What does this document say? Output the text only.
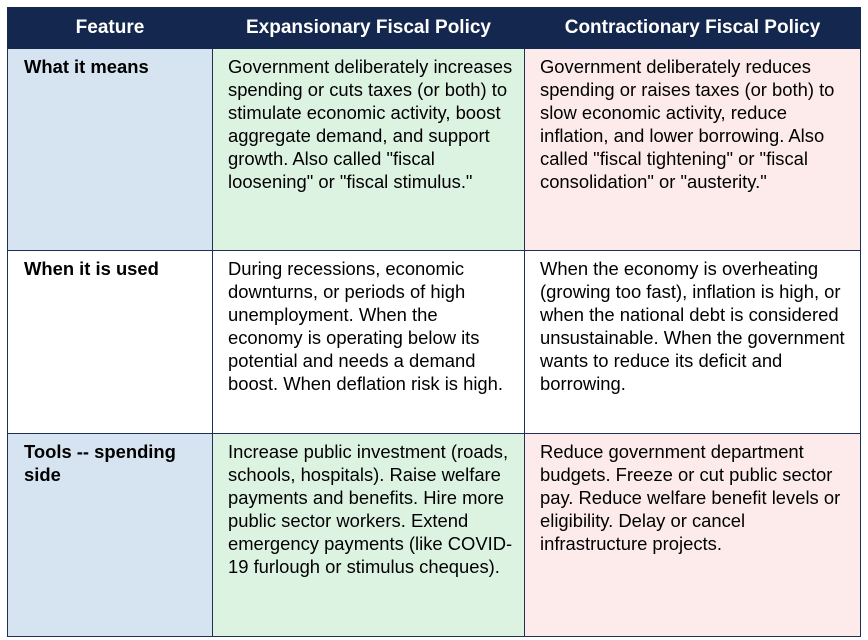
Feature	Expansionary Fiscal Policy	Contractionary Fiscal Policy
What it means	Government deliberately increases spending or cuts taxes (or both) to stimulate economic activity, boost aggregate demand, and support growth. Also called "fiscal loosening" or "fiscal stimulus."	Government deliberately reduces spending or raises taxes (or both) to slow economic activity, reduce inflation, and lower borrowing. Also called "fiscal tightening" or "fiscal consolidation" or "austerity."
When it is used	During recessions, economic downturns, or periods of high unemployment. When the economy is operating below its potential and needs a demand boost. When deflation risk is high.	When the economy is overheating (growing too fast), inflation is high, or when the national debt is considered unsustainable. When the government wants to reduce its deficit and borrowing.
Tools -- spending side	Increase public investment (roads, schools, hospitals). Raise welfare payments and benefits. Hire more public sector workers. Extend emergency payments (like COVID-19 furlough or stimulus cheques).	Reduce government department budgets. Freeze or cut public sector pay. Reduce welfare benefit levels or eligibility. Delay or cancel infrastructure projects.
